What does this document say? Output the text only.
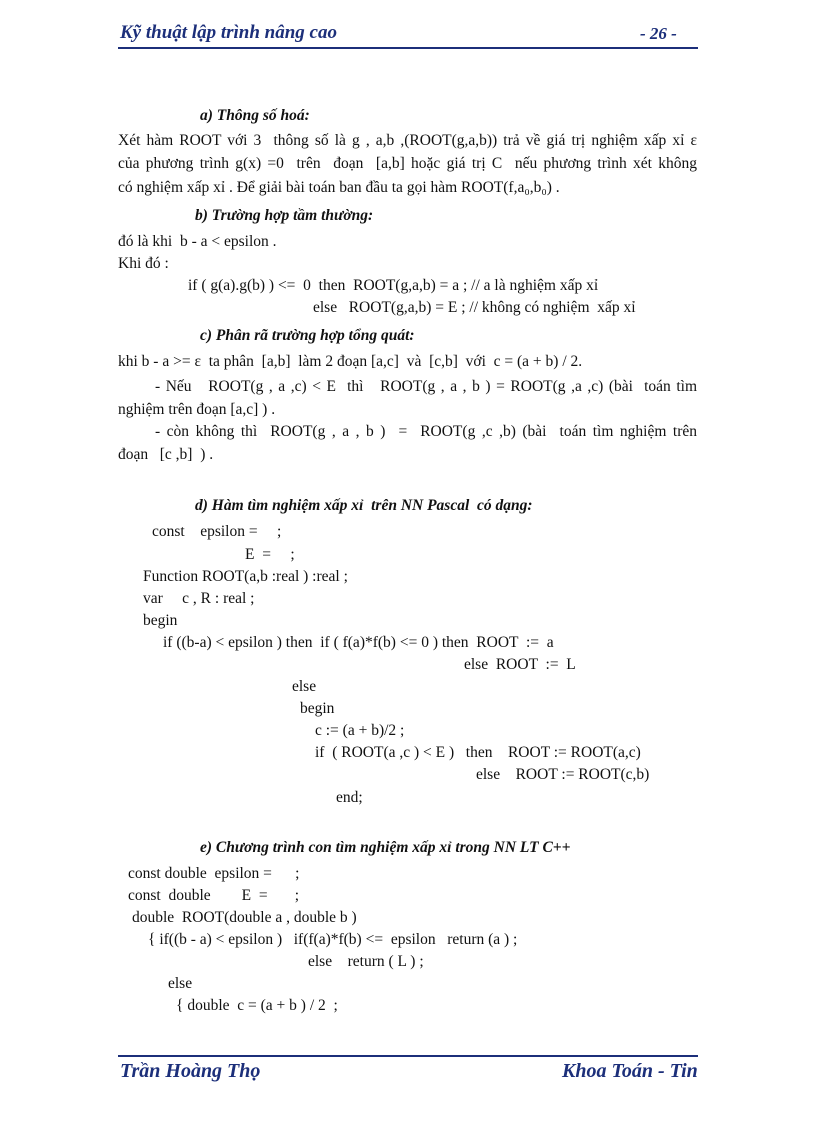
Kỹ thuật lập trình nâng cao	- 26 -
a) Thông số hoá:
Xét hàm ROOT với 3  thông số là g , a,b ,(ROOT(g,a,b)) trả về giá trị nghiệm xấp xỉ ε
của phương trình g(x) =0  trên  đoạn  [a,b] hoặc giá trị C  nếu phương trình xét không
có nghiệm xấp xỉ . Để giải bài toán ban đầu ta gọi hàm ROOT(f,a₀,b₀) .
b) Trường hợp tầm thường:
đó là khi  b - a < epsilon .
Khi đó :
if ( g(a).g(b) ) <=  0  then  ROOT(g,a,b) = a ; // a là nghiệm xấp xỉ
else   ROOT(g,a,b) = E ; // không có nghiệm  xấp xỉ
c) Phân rã trường hợp tổng quát:
khi b - a >= ε  ta phân  [a,b]  làm 2 đoạn [a,c]  và  [c,b]  với  c = (a + b) / 2.
- Nếu   ROOT(g , a ,c) < E  thì   ROOT(g , a , b ) = ROOT(g ,a ,c) (bài  toán tìm
nghiệm trên đoạn [a,c] ) .
- còn không thì  ROOT(g , a , b )  =  ROOT(g ,c ,b) (bài  toán tìm nghiệm trên
đoạn   [c ,b]  ) .
d) Hàm tìm nghiệm xấp xỉ  trên NN Pascal  có dạng:
const    epsilon =     ;
E  =     ;
Function ROOT(a,b :real ) :real ;
var     c , R : real ;
begin
if ((b-a) < epsilon ) then  if ( f(a)*f(b) <= 0 ) then  ROOT  :=  a
else  ROOT  :=  L
else
begin
c := (a + b)/2 ;
if  ( ROOT(a ,c ) < E )   then    ROOT := ROOT(a,c)
else    ROOT := ROOT(c,b)
end;
e) Chương trình con tìm nghiệm xấp xỉ trong NN LT C++
const double  epsilon =      ;
const  double        E  =       ;
double  ROOT(double a , double b )
{ if((b - a) < epsilon )   if(f(a)*f(b) <=  epsilon   return (a ) ;
else    return ( L ) ;
else
{ double  c = (a + b ) / 2  ;
Trần Hoàng Thọ	Khoa Toán - Tin
